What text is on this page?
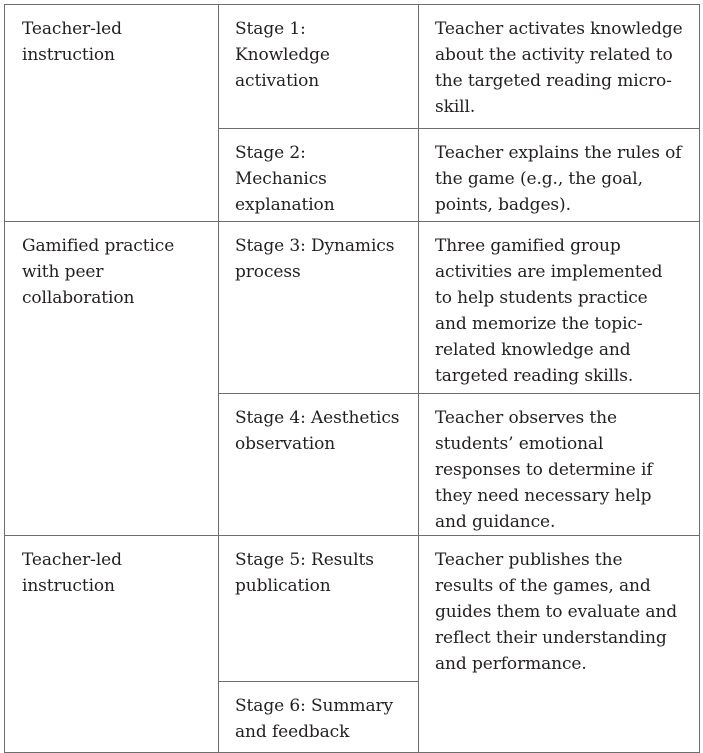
Teacher-led instruction	Stage 1: Knowledge activation	Teacher activates knowledge about the activity related to the targeted reading micro-skill.
	Stage 2: Mechanics explanation	Teacher explains the rules of the game (e.g., the goal, points, badges).
Gamified practice with peer collaboration	Stage 3: Dynamics process	Three gamified group activities are implemented to help students practice and memorize the topic-related knowledge and targeted reading skills.
	Stage 4: Aesthetics observation	Teacher observes the students’ emotional responses to determine if they need necessary help and guidance.
Teacher-led instruction	Stage 5: Results publication	Teacher publishes the results of the games, and guides them to evaluate and reflect their understanding and performance.
	Stage 6: Summary and feedback	
